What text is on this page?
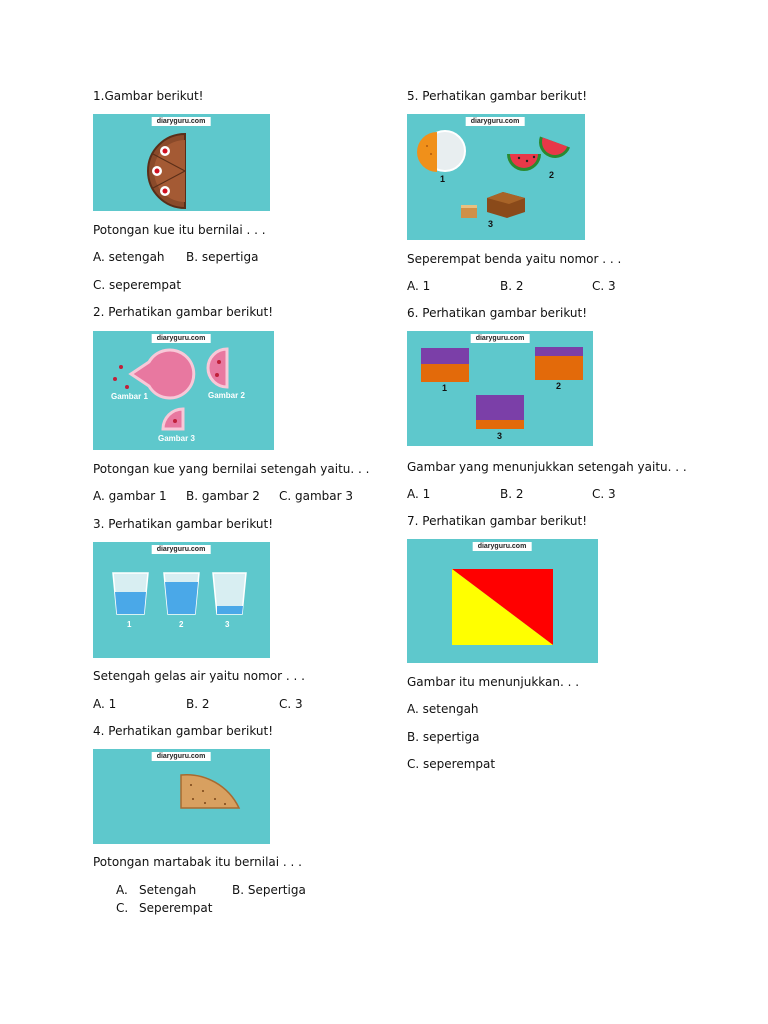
1.Gambar berikut!
diaryguru.com
Potongan kue itu bernilai . . .
A. setengah B. sepertiga
C. seperempat
2. Perhatikan gambar berikut!
diaryguru.com
Gambar 1	Gambar 2
Gambar 3
Potongan kue yang bernilai setengah yaitu. . .
A. gambar 1 B. gambar 2 C. gambar 3
3. Perhatikan gambar berikut!
diaryguru.com
1	2	3
Setengah gelas air yaitu nomor . . .
A. 1	B. 2	C. 3
4. Perhatikan gambar berikut!
diaryguru.com
Potongan martabak itu bernilai . . .
A. Setengah	B. Sepertiga
C. Seperempat
5. Perhatikan gambar berikut!
diaryguru.com
1	2
3
Seperempat benda yaitu nomor . . .
A. 1	B. 2	C. 3
6. Perhatikan gambar berikut!
diaryguru.com
1	2
3
Gambar yang menunjukkan setengah yaitu. . .
A. 1	B. 2	C. 3
7. Perhatikan gambar berikut!
diaryguru.com
Gambar itu menunjukkan. . .
A. setengah
B. sepertiga
C. seperempat
